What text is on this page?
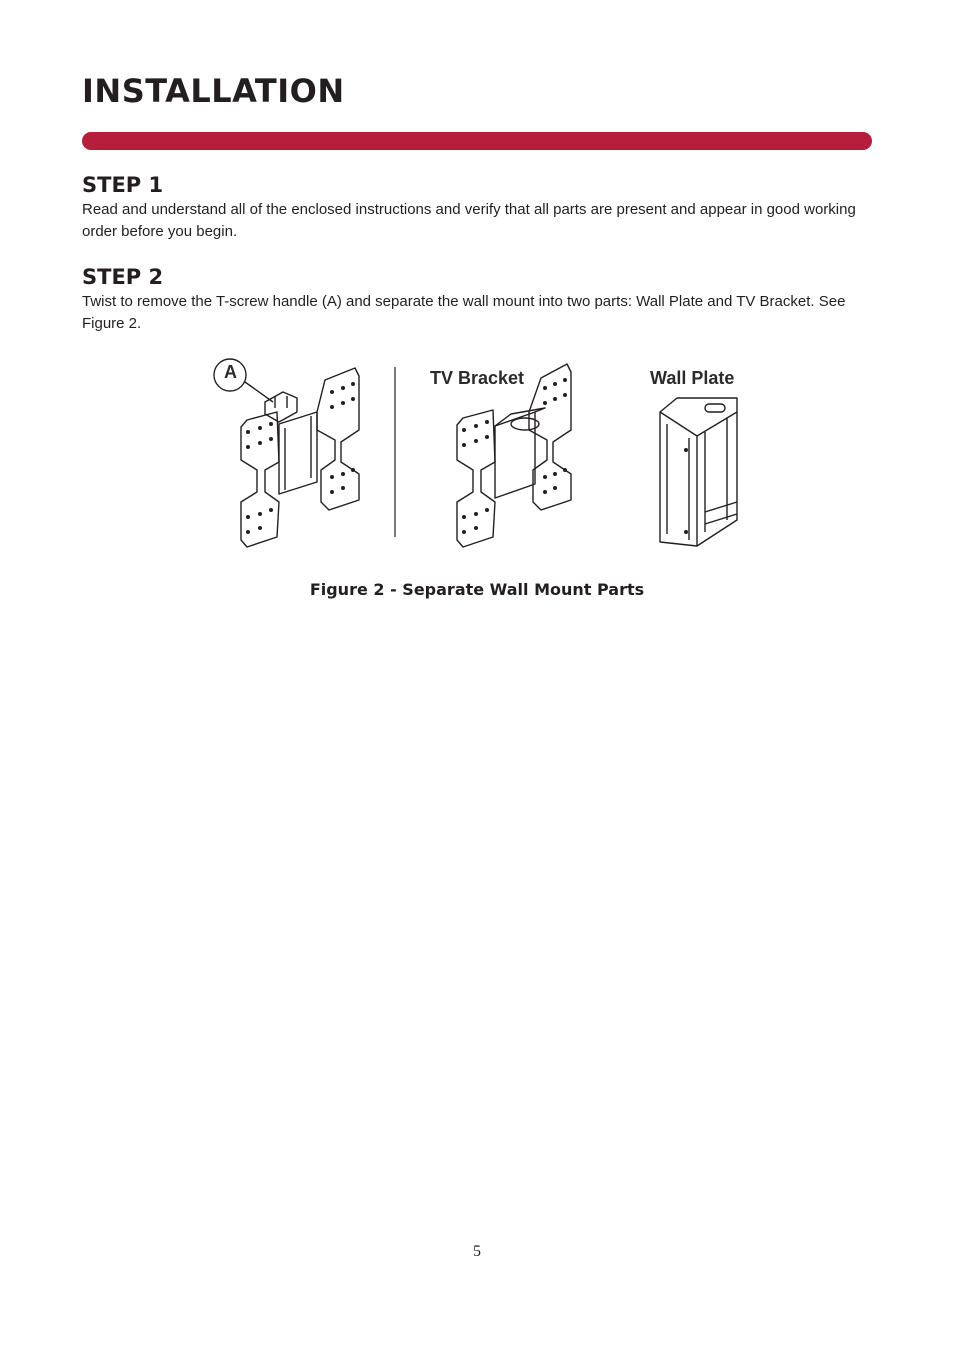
INSTALLATION
STEP 1

Read and understand all of the enclosed instructions and verify that all parts are present and appear in good working order before you begin.

STEP 2

Twist to remove the T-screw handle (A) and separate the wall mount into two parts: Wall Plate and TV Bracket. See Figure 2.

A	TV Bracket	Wall Plate

Figure 2 - Separate Wall Mount Parts

5
